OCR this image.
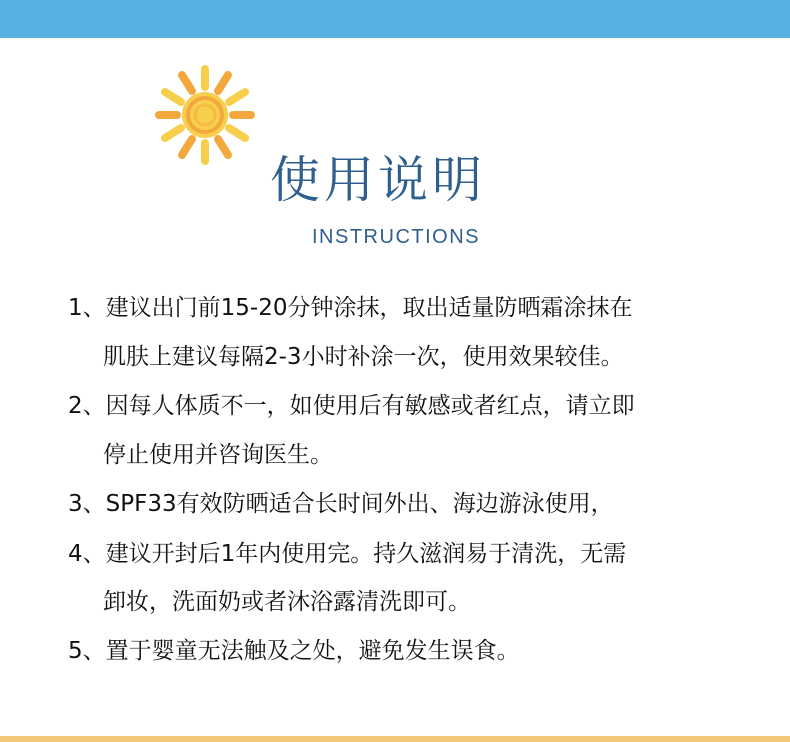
使用说明
INSTRUCTIONS
1、建议出门前15-20分钟涂抹，取出适量防晒霜涂抹在
肌肤上建议每隔2-3小时补涂一次，使用效果较佳。
2、因每人体质不一，如使用后有敏感或者红点，请立即
停止使用并咨询医生。
3、SPF33有效防晒适合长时间外出、海边游泳使用，
4、建议开封后1年内使用完。持久滋润易于清洗，无需
卸妆，洗面奶或者沐浴露清洗即可。
5、置于婴童无法触及之处，避免发生误食。
